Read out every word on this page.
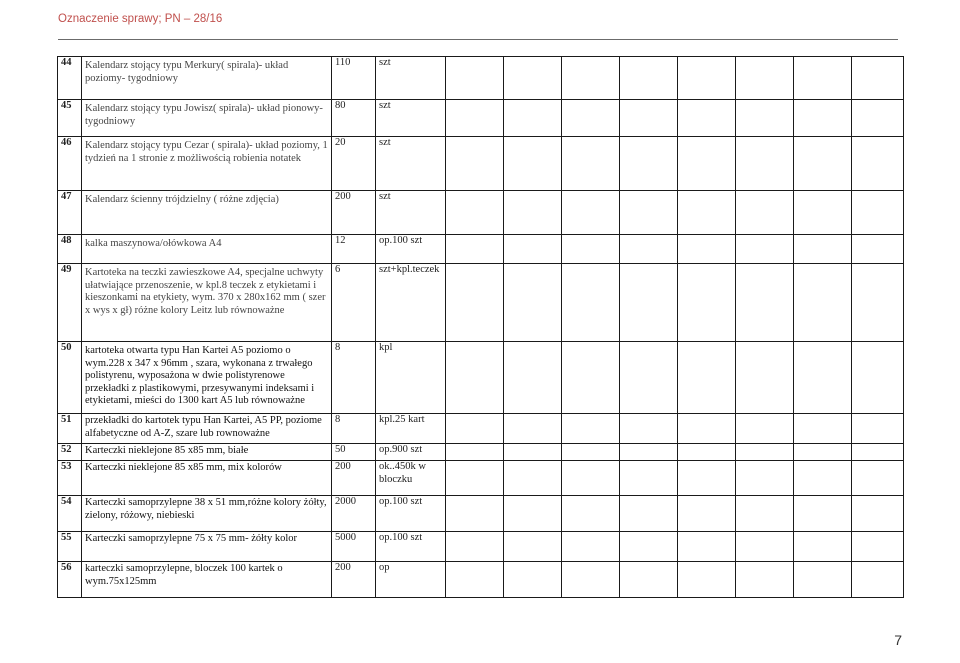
Oznaczenie sprawy; PN – 28/16
44	Kalendarz stojący typu Merkury( spirala)- układ poziomy- tygodniowy	110	szt								
45	Kalendarz stojący typu Jowisz( spirala)- układ pionowy- tygodniowy	80	szt								
46	Kalendarz stojący typu Cezar ( spirala)- układ poziomy, 1 tydzień na 1 stronie z możliwością robienia notatek	20	szt								
47	Kalendarz ścienny trójdzielny ( różne zdjęcia)	200	szt								
48	kalka maszynowa/ołówkowa A4	12	op.100 szt								
49	Kartoteka na teczki zawieszkowe A4, specjalne uchwyty ułatwiające przenoszenie, w kpl.8 teczek z etykietami i kieszonkami na etykiety, wym. 370 x 280x162 mm ( szer x wys x gł) różne kolory Leitz lub równoważne	6	szt+kpl.teczek								
50	kartoteka otwarta typu Han Kartei A5 poziomo o wym.228 x 347 x 96mm , szara, wykonana z trwałego polistyrenu, wyposażona w dwie polistyrenowe przekładki z plastikowymi, przesywanymi indeksami i etykietami, mieści do 1300 kart A5 lub równoważne	8	kpl								
51	przekładki do kartotek typu Han Kartei, A5 PP, poziome alfabetyczne od A-Z, szare lub rownoważne	8	kpl.25 kart								
52	Karteczki nieklejone 85 x85 mm, białe	50	op.900 szt								
53	Karteczki nieklejone 85 x85 mm, mix kolorów	200	ok..450k w bloczku								
54	Karteczki samoprzylepne 38 x 51 mm,różne kolory żółty, zielony, różowy, niebieski	2000	op.100 szt								
55	Karteczki samoprzylepne 75 x 75 mm- żółty kolor	5000	op.100 szt								
56	karteczki samoprzylepne, bloczek 100 kartek o wym.75x125mm	200	op								
7
